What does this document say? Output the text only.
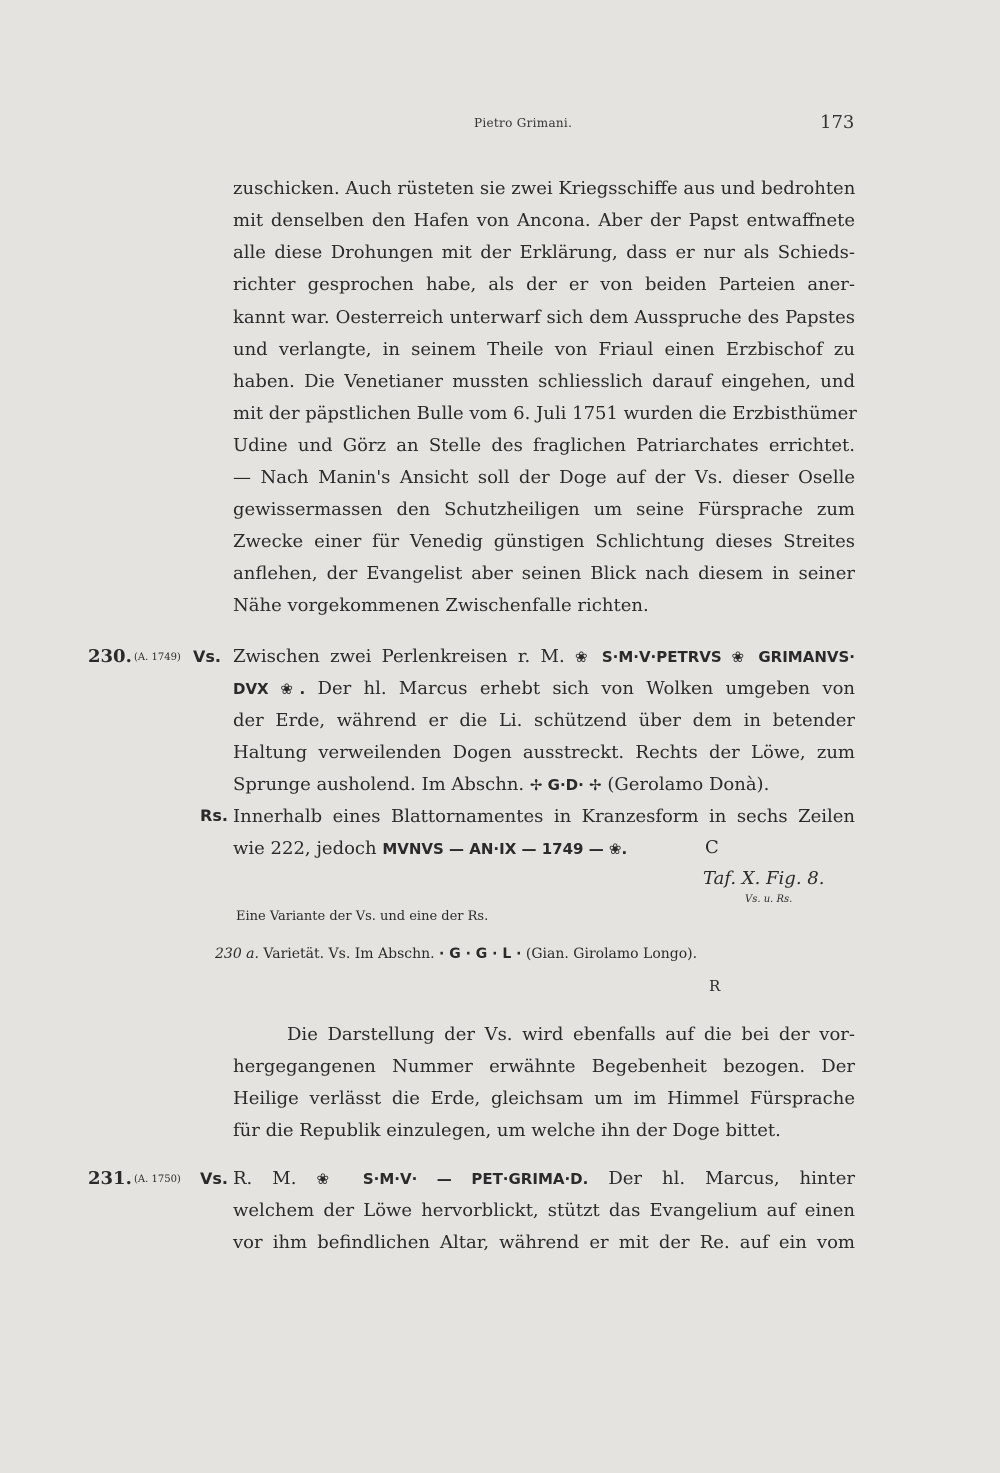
Pietro Grimani.	173
zuschicken. Auch rüsteten sie zwei Kriegsschiffe aus und bedrohten
mit denselben den Hafen von Ancona. Aber der Papst entwaffnete
alle diese Drohungen mit der Erklärung, dass er nur als Schieds-
richter gesprochen habe, als der er von beiden Parteien aner-
kannt war. Oesterreich unterwarf sich dem Ausspruche des Papstes
und verlangte, in seinem Theile von Friaul einen Erzbischof zu
haben. Die Venetianer mussten schliesslich darauf eingehen, und
mit der päpstlichen Bulle vom 6. Juli 1751 wurden die Erzbisthümer
Udine und Görz an Stelle des fraglichen Patriarchates errichtet.
— Nach Manin's Ansicht soll der Doge auf der Vs. dieser Oselle
gewissermassen den Schutzheiligen um seine Fürsprache zum
Zwecke einer für Venedig günstigen Schlichtung dieses Streites
anflehen, der Evangelist aber seinen Blick nach diesem in seiner
Nähe vorgekommenen Zwischenfalle richten.
230. (A. 1749) Vs. Zwischen zwei Perlenkreisen r. M. ❀ S·M·V·PETRVS ❀ GRIMANVS·
DVX ❀. Der hl. Marcus erhebt sich von Wolken umgeben von
der Erde, während er die Li. schützend über dem in betender
Haltung verweilenden Dogen ausstreckt. Rechts der Löwe, zum
Sprunge ausholend. Im Abschn. ✢ G·D· ✢ (Gerolamo Donà).
Rs. Innerhalb eines Blattornamentes in Kranzesform in sechs Zeilen
wie 222, jedoch MVNVS — AN·IX — 1749 — ❀.	C
Taf. X. Fig. 8.
Vs. u. Rs.
Eine Variante der Vs. und eine der Rs.
230 a. Varietät. Vs. Im Abschn. · G · G · L · (Gian. Girolamo Longo).
R
Die Darstellung der Vs. wird ebenfalls auf die bei der vor-
hergegangenen Nummer erwähnte Begebenheit bezogen. Der
Heilige verlässt die Erde, gleichsam um im Himmel Fürsprache
für die Republik einzulegen, um welche ihn der Doge bittet.
231. (A. 1750) Vs. R. M. ❀ S·M·V· — PET·GRIMA·D. Der hl. Marcus, hinter
welchem der Löwe hervorblickt, stützt das Evangelium auf einen
vor ihm befindlichen Altar, während er mit der Re. auf ein vom
